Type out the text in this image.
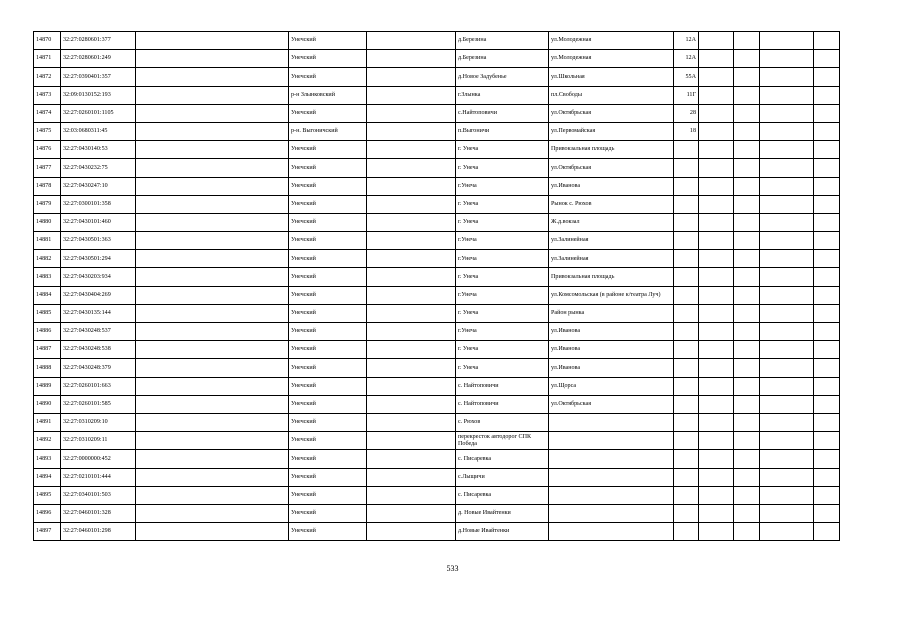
14870	32:27:0280601:377		Унечский		д.Березина	ул.Молодежная	12А				
14871	32:27:0280601:249		Унечский		д.Березина	ул.Молодежная	12А				
14872	32:27:0390401:357		Унечский		д.Новое Задубенье	ул.Школьная	55А				
14873	32:09:0130152:193		р-н Злынковский		г.Злынка	пл.Свободы	11Г				
14874	32:27:0260101:1105		Унечский		с.Найтоповичи	ул.Октябрьская	28				
14875	32:03:0680311:45		р-н. Выгоничский		п.Выгоничи	ул.Первомайская	18				
14876	32:27:0430140:53		Унечский		г. Унеча	Привокзальная площадь					
14877	32:27:0430232:75		Унечский		г. Унеча	ул.Октябрьская					
14878	32:27:0430247:10		Унечский		г.Унеча	ул.Иванова					
14879	32:27:0300101:358		Унечский		г. Унеча	Рынок с. Рюхов					
14880	32:27:0430101:460		Унечский		г. Унеча	Ж.д.вокзал					
14881	32:27:0430501:363		Унечский		г.Унеча	ул.Залинейная					
14882	32:27:0430501:294		Унечский		г.Унеча	ул.Залинейная					
14883	32:27:0430203:934		Унечский		г. Унеча	Привокзальная площадь					
14884	32:27:0430404:269		Унечский		г.Унеча	ул.Комсомольская (в районе к/театра Луч)					
14885	32:27:0430135:144		Унечский		г. Унеча	Район рынка					
14886	32:27:0430248:537		Унечский		г.Унеча	ул.Иванова					
14887	32:27:0430248:538		Унечский		г. Унеча	ул.Иванова					
14888	32:27:0430248:379		Унечский		г. Унеча	ул.Иванова					
14889	32:27:0260101:663		Унечский		с. Найтоповичи	ул.Щорса					
14890	32:27:0260101:585		Унечский		с. Найтоповичи	ул.Октябрьская					
14891	32:27:0310209:10		Унечский		с. Рюхов						
14892	32:27:0310209:11		Унечский		перекресток автодорог СПК Победа						
14893	32:27:0000000:452		Унечский		с. Писаревка						
14894	32:27:0210101:444		Унечский		с.Лыщичи						
14895	32:27:0340101:503		Унечский		с. Писаревка						
14896	32:27:0460101:328		Унечский		д. Новые Ивайтенки						
14897	32:27:0460101:298		Унечский		д.Новые Ивайтенки						
533
